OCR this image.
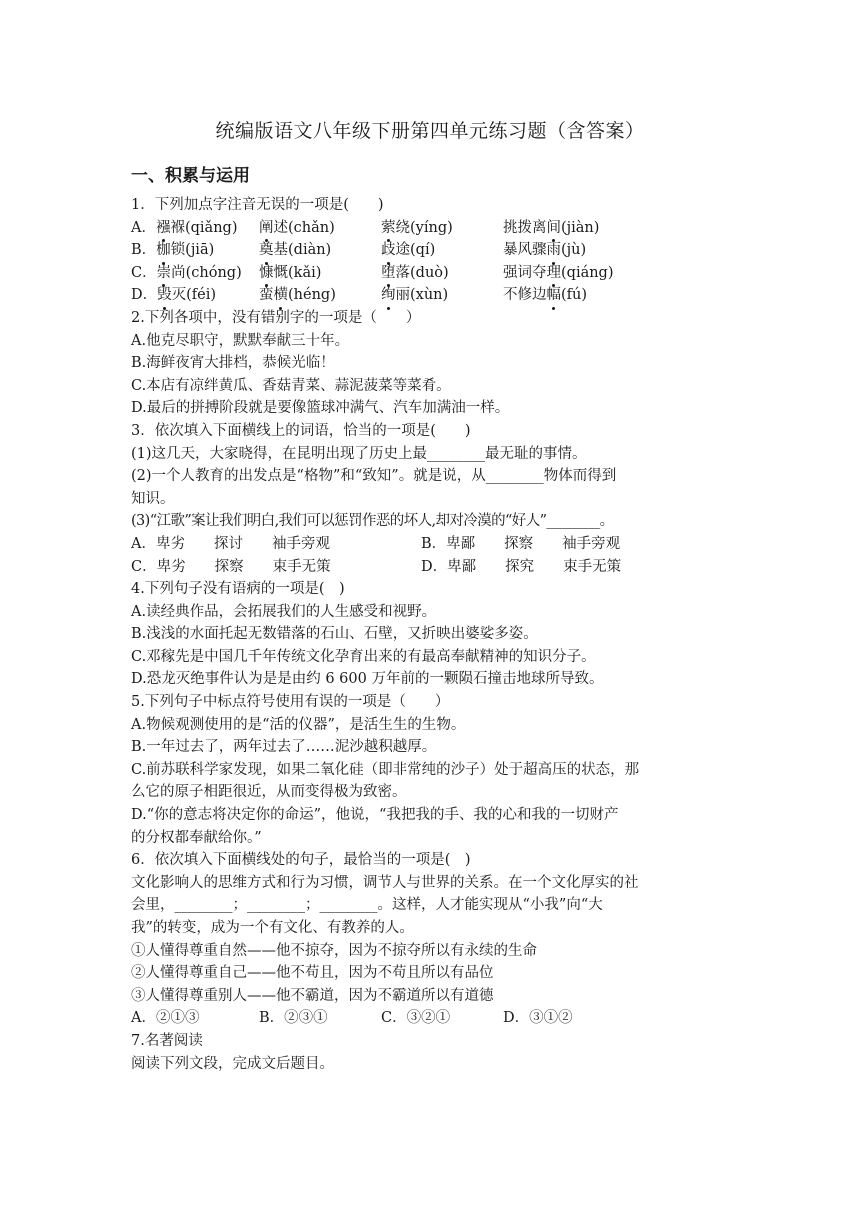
统编版语文八年级下册第四单元练习题（含答案）
一、积累与运用
1．下列加点字注音无误的一项是(　　)
A．襁褓(qiǎng)	阐述(chǎn)	萦绕(yíng)	挑拨离间(jiàn)
B．枷锁(jiā)	奠基(diàn)	歧途(qí)	暴风骤雨(jù)
C．崇尚(chóng)	慷慨(kǎi)	堕落(duò)	强词夺理(qiáng)
D．毁灭(féi)	蛮横(héng)	绚丽(xùn)	不修边幅(fú)
2.下列各项中，没有错别字的一项是（　　）
A.他克尽职守，默默奉献三十年。
B.海鲜夜宵大排档，恭候光临！
C.本店有凉绊黄瓜、香菇青菜、蒜泥菠菜等菜肴。
D.最后的拼搏阶段就是要像篮球冲满气、汽车加满油一样。
3．依次填入下面横线上的词语，恰当的一项是(　　)
(1)这几天，大家晓得，在昆明出现了历史上最________最无耻的事情。
(2)一个人教育的出发点是“格物”和“致知”。就是说，从________物体而得到
知识。
(3)“江歌”案让我们明白,我们可以惩罚作恶的坏人,却对冷漠的“好人”________。
A．卑劣　　探讨　　袖手旁观	B．卑鄙　　探察　　袖手旁观
C．卑劣　　探察　　束手无策	D．卑鄙　　探究　　束手无策
4.下列句子没有语病的一项是(　)
A.读经典作品，会拓展我们的人生感受和视野。
B.浅浅的水面托起无数错落的石山、石壁，又折映出婆娑多姿。
C.邓稼先是中国几千年传统文化孕育出来的有最高奉献精神的知识分子。
D.恐龙灭绝事件认为是是由约 6 600 万年前的一颗陨石撞击地球所导致。
5.下列句子中标点符号使用有误的一项是（　　）
A.物候观测使用的是“活的仪器”，是活生生的生物。
B.一年过去了，两年过去了……泥沙越积越厚。
C.前苏联科学家发现，如果二氧化硅（即非常纯的沙子）处于超高压的状态，那
么它的原子相距很近，从而变得极为致密。
D.“你的意志将决定你的命运”，他说，“我把我的手、我的心和我的一切财产
的分权都奉献给你。”
6．依次填入下面横线处的句子，最恰当的一项是(　)
文化影响人的思维方式和行为习惯，调节人与世界的关系。在一个文化厚实的社
会里，________；________；________。这样，人才能实现从“小我”向“大
我”的转变，成为一个有文化、有教养的人。
①人懂得尊重自然——他不掠夺，因为不掠夺所以有永续的生命
②人懂得尊重自己——他不苟且，因为不苟且所以有品位
③人懂得尊重别人——他不霸道，因为不霸道所以有道德
A．②①③	B．②③①	C．③②①	D．③①②
7.名著阅读
阅读下列文段，完成文后题目。
